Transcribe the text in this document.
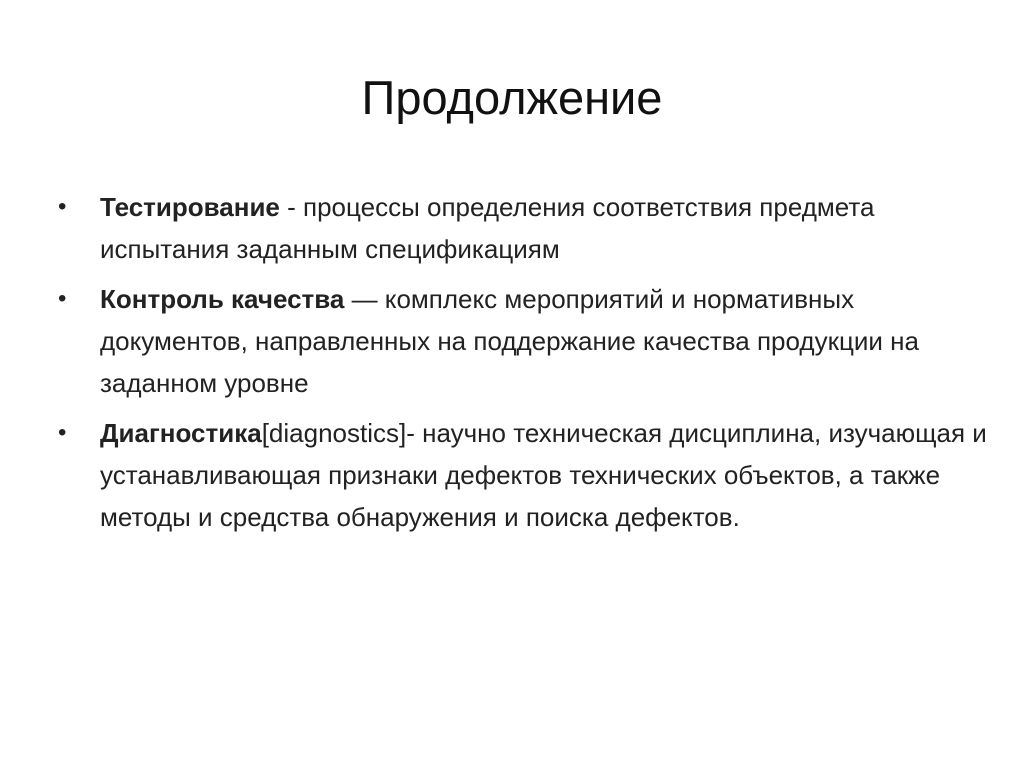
Продолжение
•	Тестирование - процессы определения соответствия предмета испытания заданным спецификациям
•	Контроль качества — комплекс мероприятий и нормативных документов, направленных на поддержание качества продукции на заданном уровне
•	Диагностика[diagnostics]- научно техническая дисциплина, изучающая и устанавливающая признаки дефектов технических объектов, а также методы и средства обнаружения и поиска дефектов.
